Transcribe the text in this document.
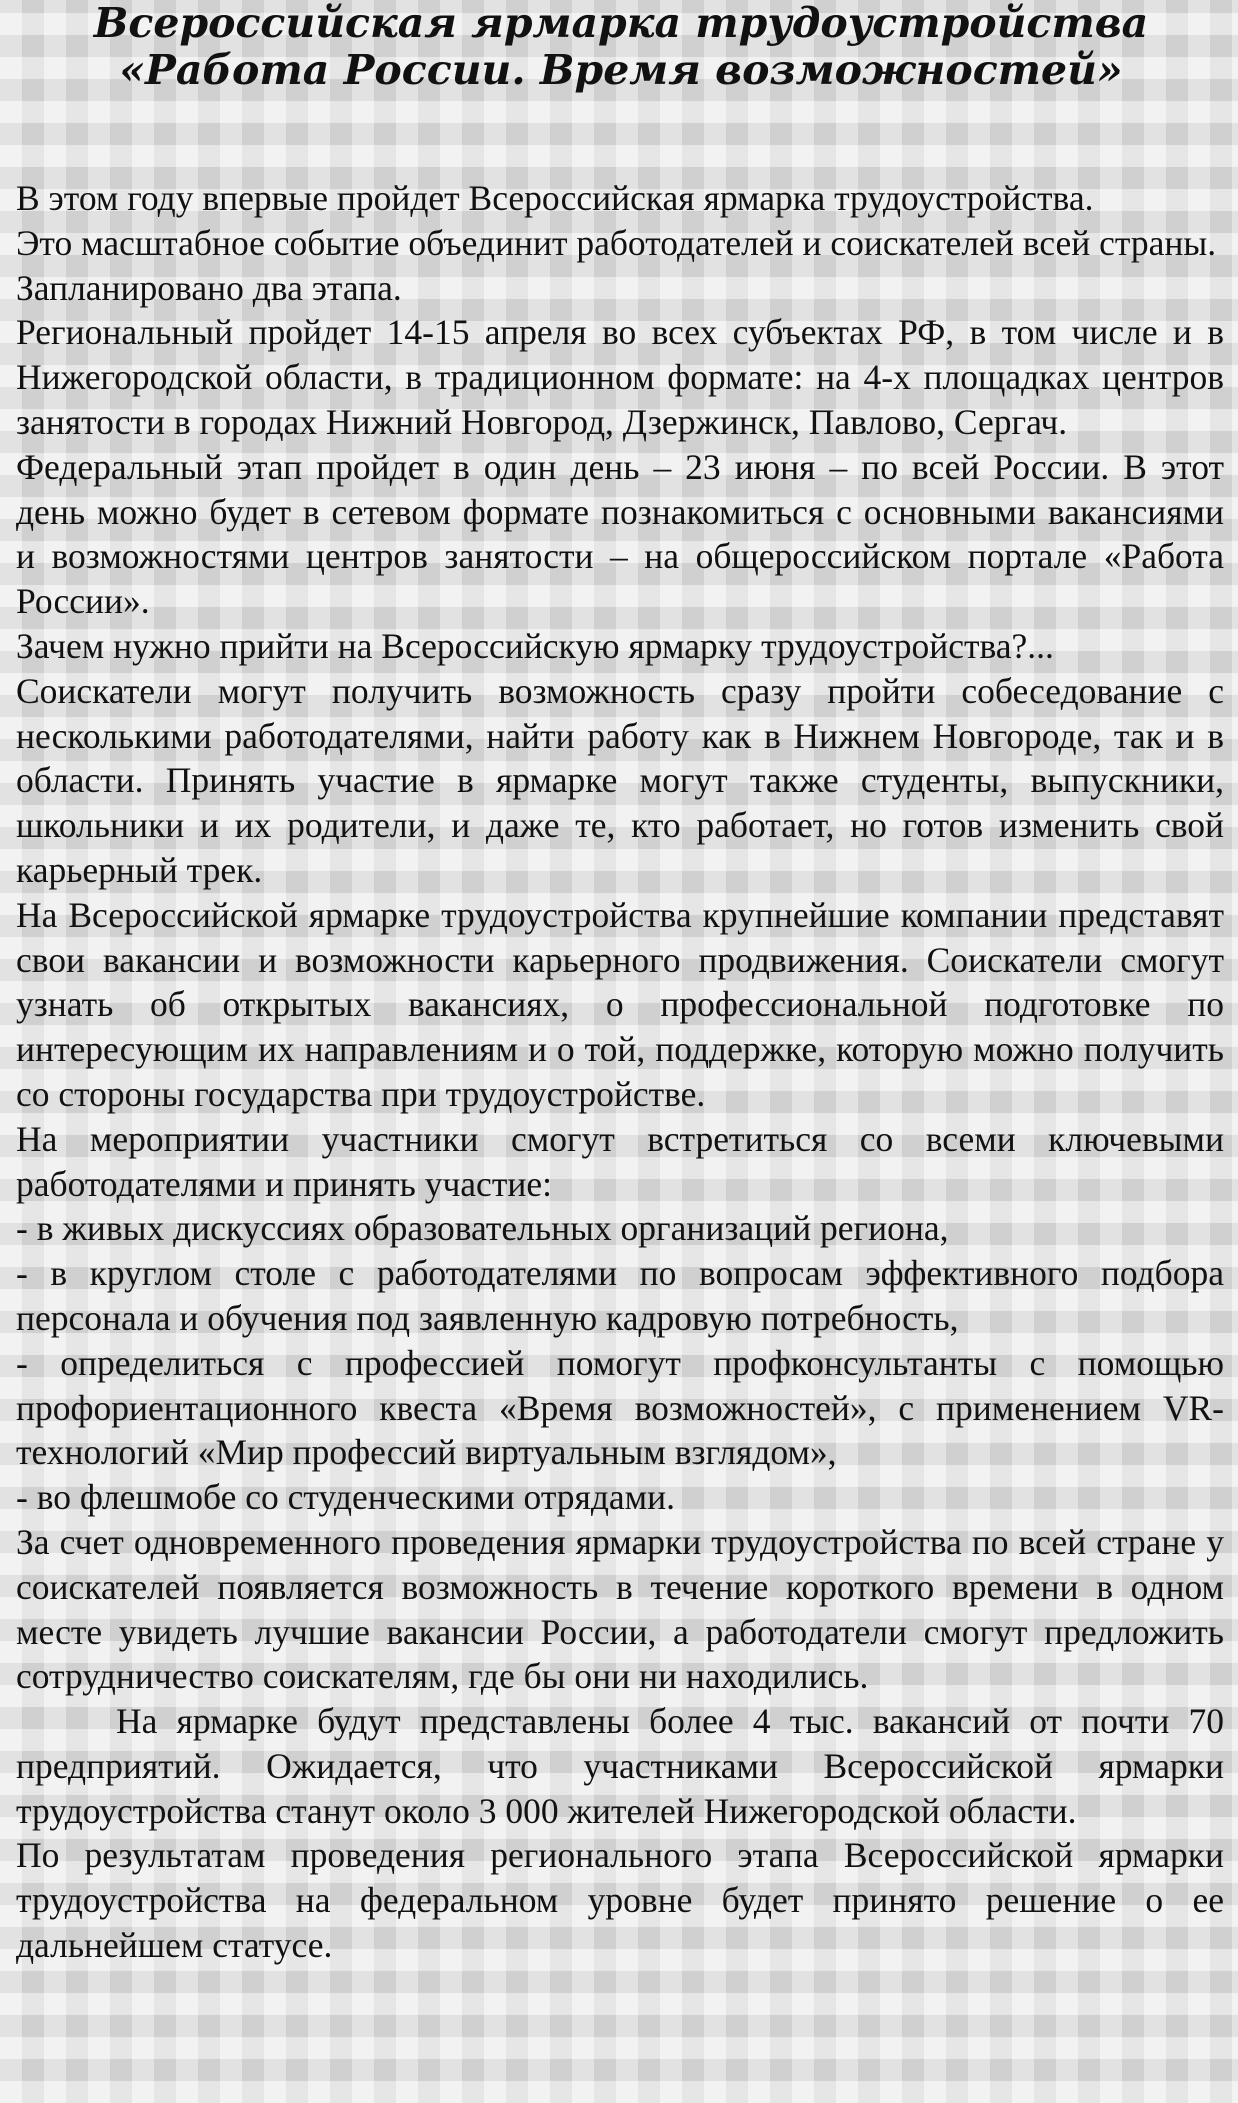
Всероссийская ярмарка трудоустройства
«Работа России. Время возможностей»

В этом году впервые пройдет Всероссийская ярмарка трудоустройства.

Это масштабное событие объединит работодателей и соискателей всей страны.

Запланировано два этапа.

Региональный пройдет 14-15 апреля во всех субъектах РФ, в том числе и в Нижегородской области, в традиционном формате: на 4-х площадках центров занятости в городах Нижний Новгород, Дзержинск, Павлово, Сергач.

Федеральный этап пройдет в один день – 23 июня – по всей России. В этот день можно будет в сетевом формате познакомиться с основными вакансиями и возможностями центров занятости – на общероссийском портале «Работа России».

Зачем нужно прийти на Всероссийскую ярмарку трудоустройства?...

Соискатели могут получить возможность сразу пройти собеседование с несколькими работодателями, найти работу как в Нижнем Новгороде, так и в области. Принять участие в ярмарке могут также студенты, выпускники, школьники и их родители, и даже те, кто работает, но готов изменить свой карьерный трек.

На Всероссийской ярмарке трудоустройства крупнейшие компании представят свои вакансии и возможности карьерного продвижения. Соискатели смогут узнать об открытых вакансиях, о профессиональной подготовке по интересующим их направлениям и о той, поддержке, которую можно получить со стороны государства при трудоустройстве.

На мероприятии участники смогут встретиться со всеми ключевыми работодателями и принять участие:

- в живых дискуссиях образовательных организаций региона,

- в круглом столе с работодателями по вопросам эффективного подбора персонала и обучения под заявленную кадровую потребность,

- определиться с профессией помогут профконсультанты с помощью профориентационного квеста «Время возможностей», с применением VR-технологий «Мир профессий виртуальным взглядом»,

- во флешмобе со студенческими отрядами.

За счет одновременного проведения ярмарки трудоустройства по всей стране у соискателей появляется возможность в течение короткого времени в одном месте увидеть лучшие вакансии России, а работодатели смогут предложить сотрудничество соискателям, где бы они ни находились.

На ярмарке будут представлены более 4 тыс. вакансий от почти 70 предприятий. Ожидается, что участниками Всероссийской ярмарки трудоустройства станут около 3 000 жителей Нижегородской области.

По результатам проведения регионального этапа Всероссийской ярмарки трудоустройства на федеральном уровне будет принято решение о ее дальнейшем статусе.
